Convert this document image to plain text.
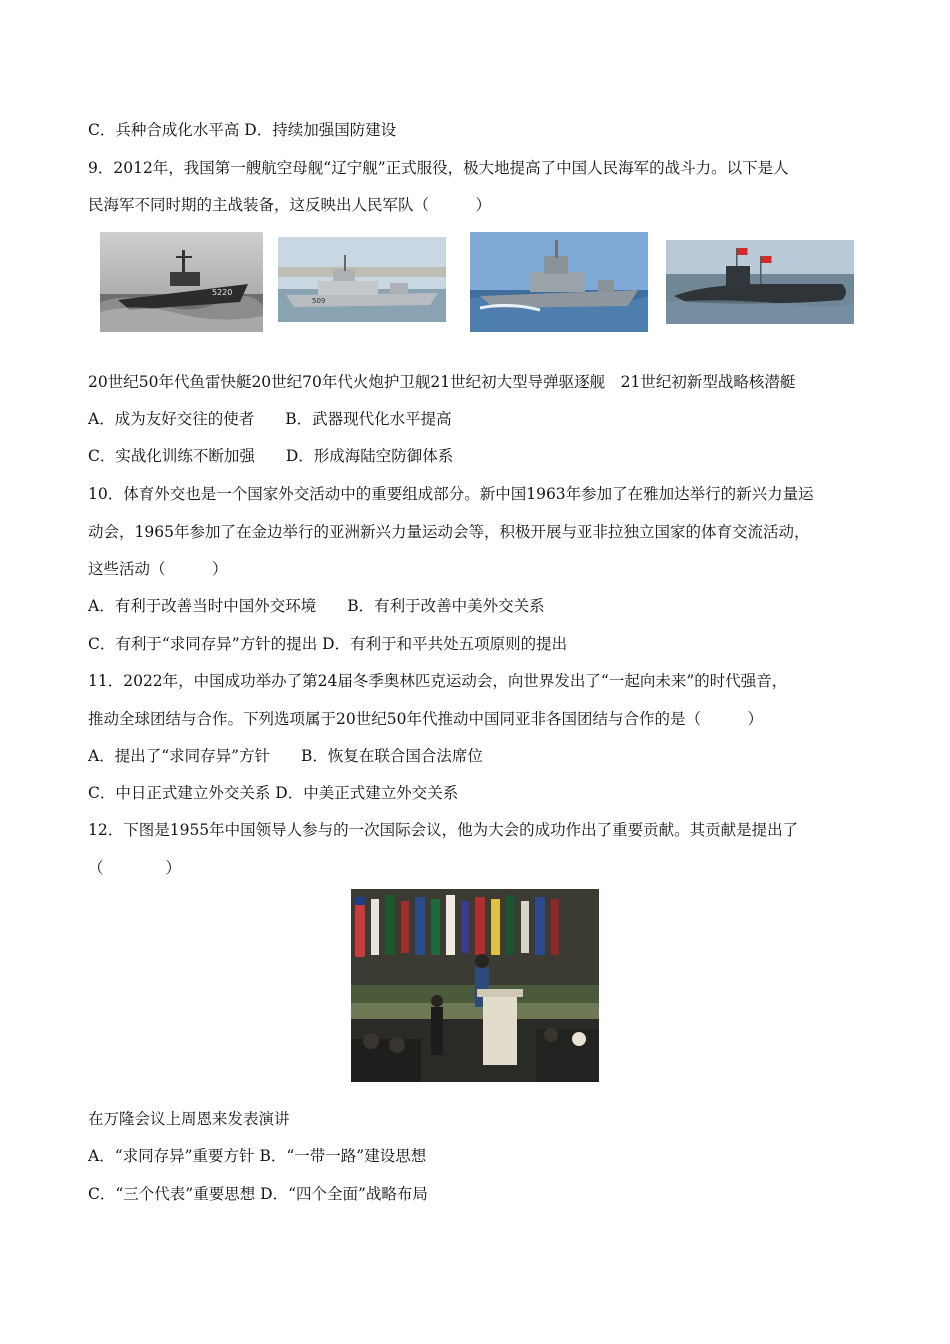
C．兵种合成化水平高 D．持续加强国防建设
9．2012年，我国第一艘航空母舰“辽宁舰”正式服役，极大地提高了中国人民海军的战斗力。以下是人
民海军不同时期的主战装备，这反映出人民军队（　　　）
5220
509
20世纪50年代鱼雷快艇20世纪70年代火炮护卫舰21世纪初大型导弹驱逐舰　21世纪初新型战略核潜艇
A．成为友好交往的使者　　B．武器现代化水平提高
C．实战化训练不断加强　　D．形成海陆空防御体系
10．体育外交也是一个国家外交活动中的重要组成部分。新中国1963年参加了在雅加达举行的新兴力量运
动会，1965年参加了在金边举行的亚洲新兴力量运动会等，积极开展与亚非拉独立国家的体育交流活动，
这些活动（　　　）
A．有利于改善当时中国外交环境　　B．有利于改善中美外交关系
C．有利于“求同存异”方针的提出 D．有利于和平共处五项原则的提出
11．2022年，中国成功举办了第24届冬季奥林匹克运动会，向世界发出了“一起向未来”的时代强音，
推动全球团结与合作。下列选项属于20世纪50年代推动中国同亚非各国团结与合作的是（　　　）
A．提出了“求同存异”方针　　B．恢复在联合国合法席位
C．中日正式建立外交关系 D．中美正式建立外交关系
12．下图是1955年中国领导人参与的一次国际会议，他为大会的成功作出了重要贡献。其贡献是提出了
（　　　　）
在万隆会议上周恩来发表演讲
A．“求同存异”重要方针 B．“一带一路”建设思想
C．“三个代表”重要思想 D．“四个全面”战略布局
